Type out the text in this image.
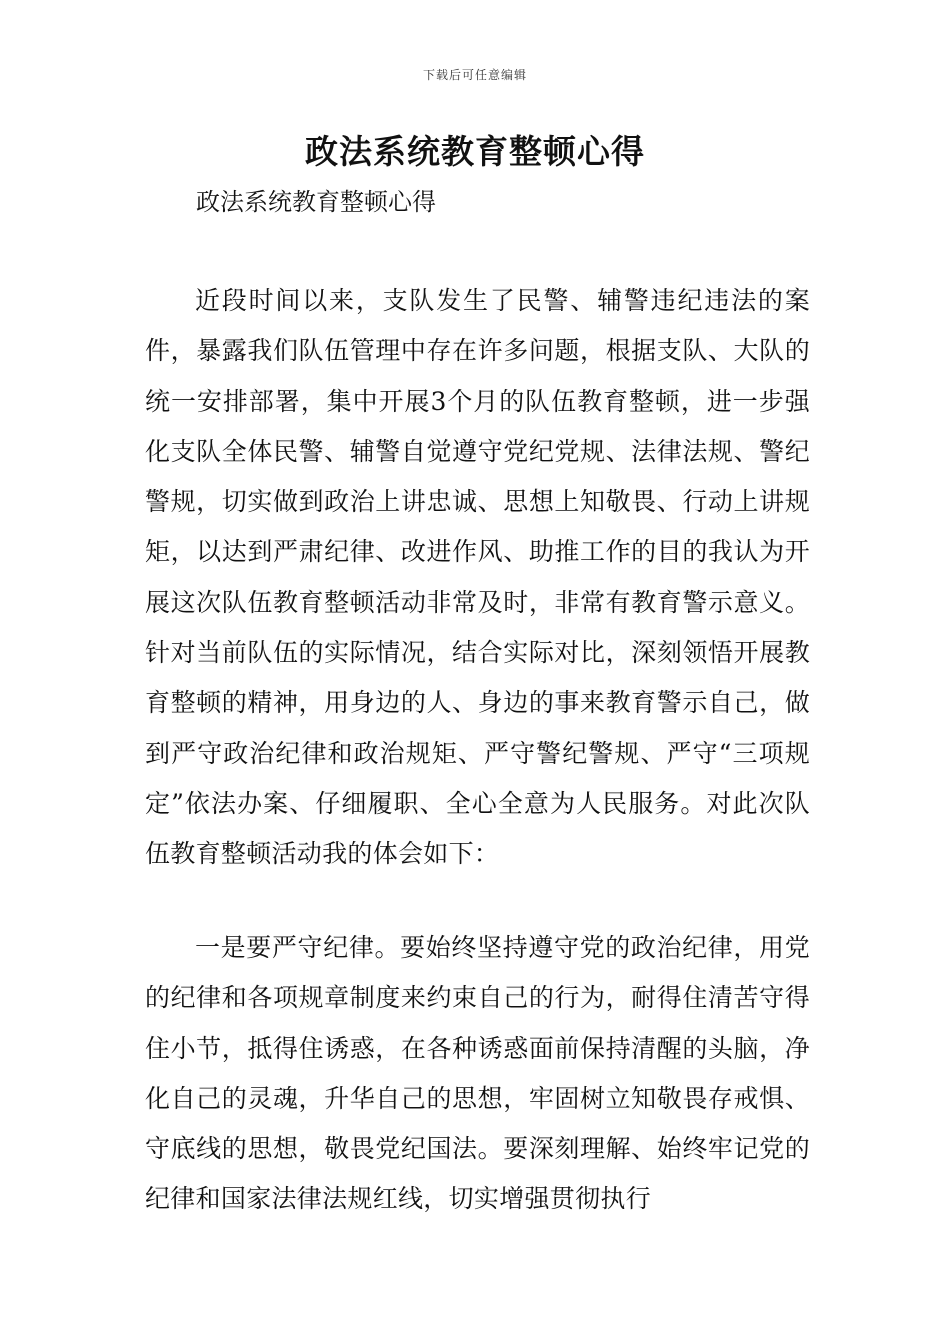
下载后可任意编辑
政法系统教育整顿心得
政法系统教育整顿心得

近段时间以来，支队发生了民警、辅警违纪违法的案件，暴露我们队伍管理中存在许多问题，根据支队、大队的统一安排部署，集中开展3个月的队伍教育整顿，进一步强化支队全体民警、辅警自觉遵守党纪党规、法律法规、警纪警规，切实做到政治上讲忠诚、思想上知敬畏、行动上讲规矩，以达到严肃纪律、改进作风、助推工作的目的我认为开展这次队伍教育整顿活动非常及时，非常有教育警示意义。针对当前队伍的实际情况，结合实际对比，深刻领悟开展教育整顿的精神，用身边的人、身边的事来教育警示自己，做到严守政治纪律和政治规矩、严守警纪警规、严守“三项规定”依法办案、仔细履职、全心全意为人民服务。对此次队伍教育整顿活动我的体会如下：

一是要严守纪律。要始终坚持遵守党的政治纪律，用党的纪律和各项规章制度来约束自己的行为，耐得住清苦守得住小节，抵得住诱惑，在各种诱惑面前保持清醒的头脑，净化自己的灵魂，升华自己的思想，牢固树立知敬畏存戒惧、守底线的思想，敬畏党纪国法。要深刻理解、始终牢记党的纪律和国家法律法规红线，切实增强贯彻执行
